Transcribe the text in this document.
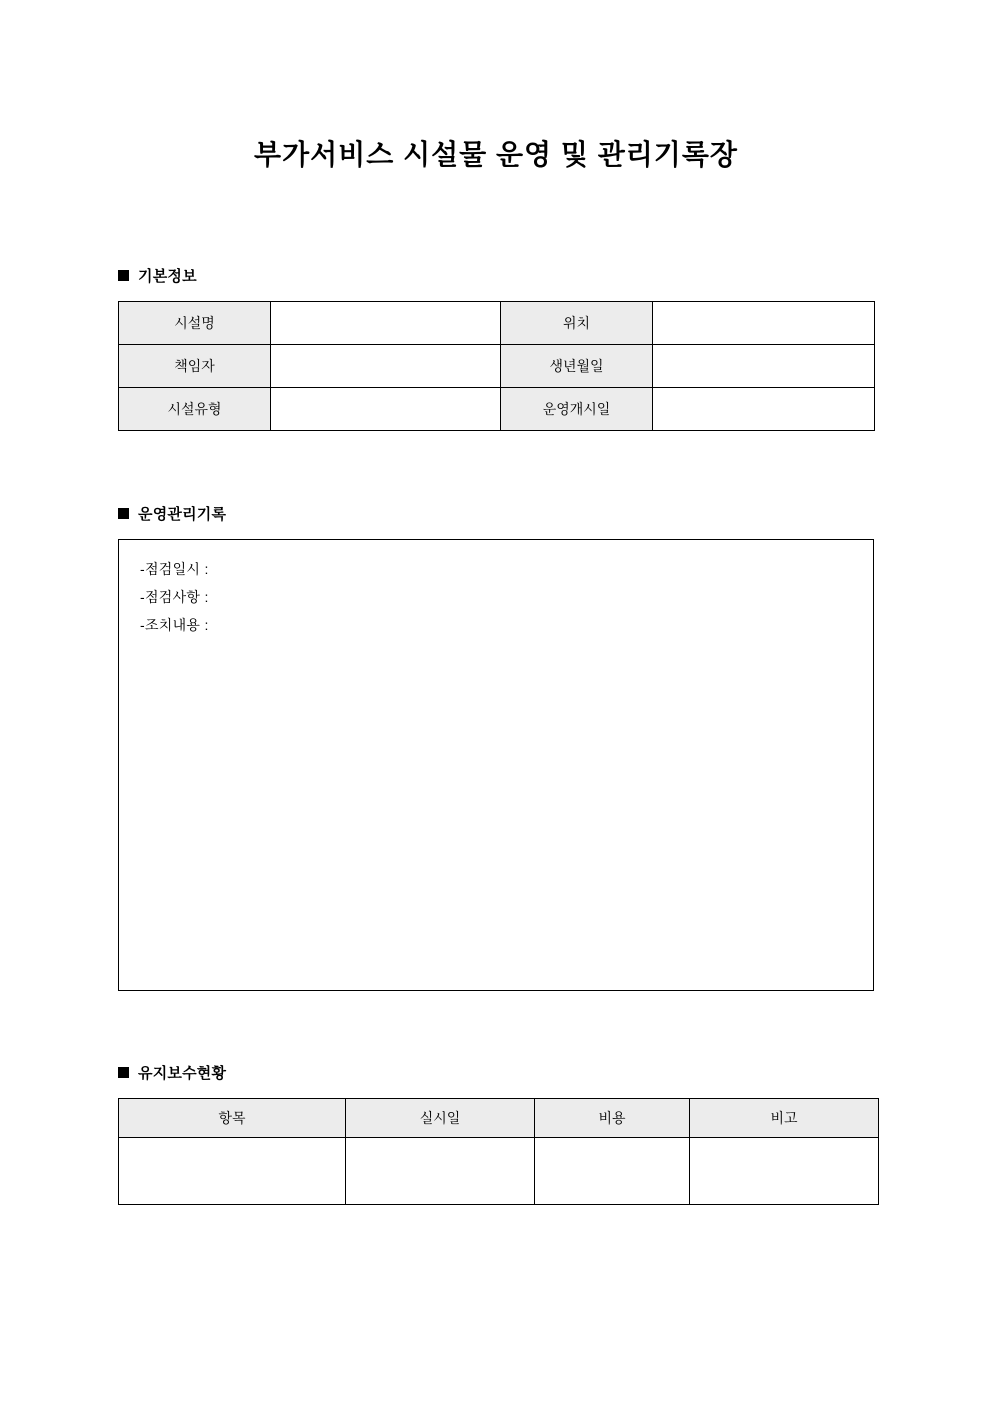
부가서비스 시설물 운영 및 관리기록장
기본정보
시설명		위치	
책임자		생년월일	
시설유형		운영개시일	
운영관리기록
-점검일시 :
-점검사항 :
-조치내용 :
유지보수현황
항목	실시일	비용	비고
